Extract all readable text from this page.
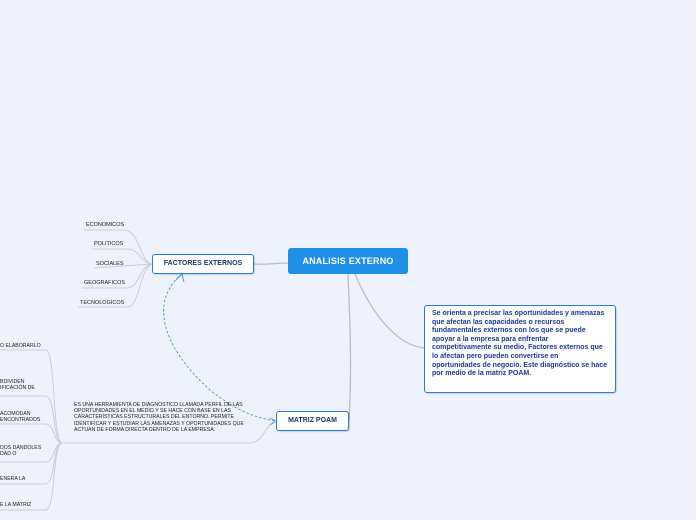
ANALISIS EXTERNO
FACTORES EXTERNOS
ECONOMICOS
POLITICOS
SOCIALES
GEOGRAFICOS
TECNOLOGICOS
MATRIZ POAM
ES UNA HERRAMIENTA DE DIAGNOSTICO LLAMADA PERFIL DE LAS OPORTUNIDADES EN EL MEDIO Y SE HACE CON BASE EN LAS CARACTERÍSTICAS ESTRUCTURALES DEL ENTORNO. PERMITE IDENTIFICAR Y ESTUDIAR LAS AMENAZAS Y OPORTUNIDADES QUE ACTUAN DE FORMA DIRECTA DENTRO DE LA EMPRESA.
O ELABORARLO
BDIVIDEN
IFICACIÓN DE
ACOMODAN
ENCONTRADOS
DOS DÁNDOLES
DAD O
ENERA LA
E LA MATRIZ
Se orienta a precisar las oportunidades y amenazas que afectan las capacidades o recursos fundamentales externos con los que se puede apoyar a la empresa para enfrentar competitivamente su medio, Factores externos que lo afectan pero pueden convertirse en oportunidades de negocio. Este diagnóstico se hace por medio de la matriz POAM.
